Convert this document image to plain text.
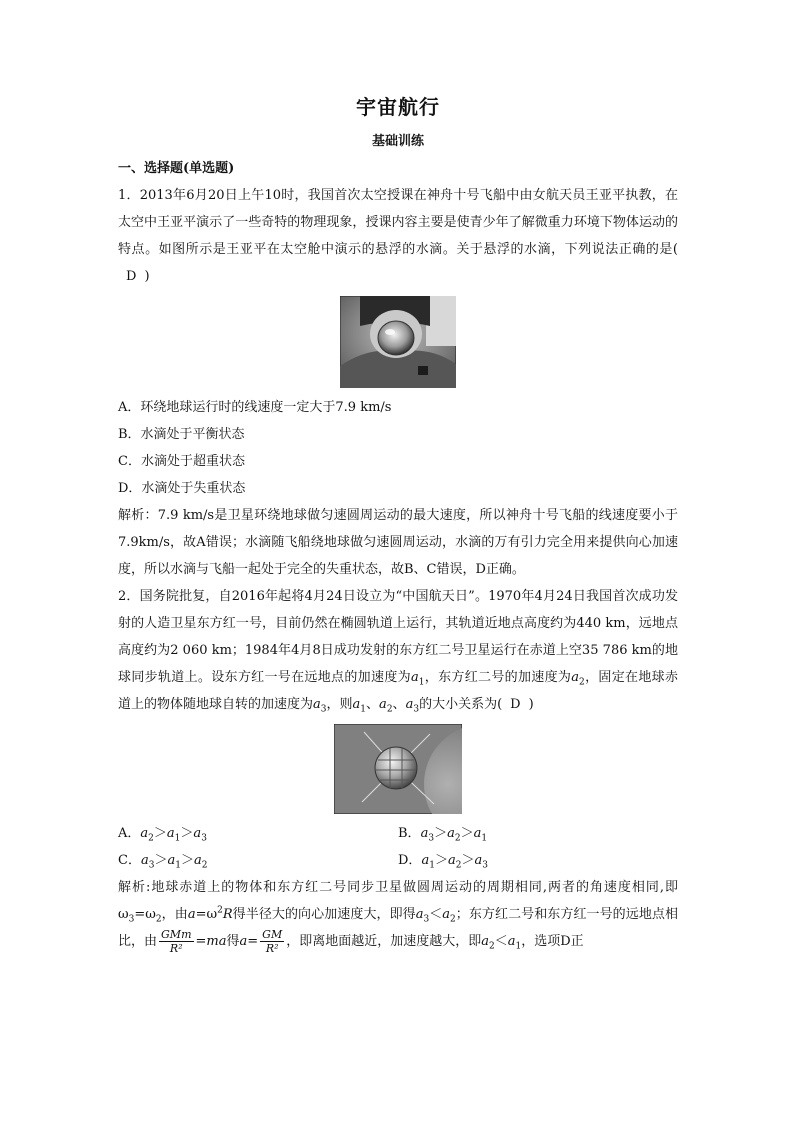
宇宙航行
基础训练
一、选择题(单选题)

1．2013年6月20日上午10时，我国首次太空授课在神舟十号飞船中由女航天员王亚平执教，在太空中王亚平演示了一些奇特的物理现象，授课内容主要是使青少年了解微重力环境下物体运动的特点。如图所示是王亚平在太空舱中演示的悬浮的水滴。关于悬浮的水滴，下列说法正确的是(D )

A．环绕地球运行时的线速度一定大于7.9 km/s

B．水滴处于平衡状态

C．水滴处于超重状态

D．水滴处于失重状态

解析：7.9 km/s是卫星环绕地球做匀速圆周运动的最大速度，所以神舟十号飞船的线速度要小于7.9km/s，故A错误；水滴随飞船绕地球做匀速圆周运动，水滴的万有引力完全用来提供向心加速度，所以水滴与飞船一起处于完全的失重状态，故B、C错误，D正确。

2．国务院批复，自2016年起将4月24日设立为“中国航天日”。1970年4月24日我国首次成功发射的人造卫星东方红一号，目前仍然在椭圆轨道上运行，其轨道近地点高度约为440 km，远地点高度约为2 060 km；1984年4月8日成功发射的东方红二号卫星运行在赤道上空35 786 km的地球同步轨道上。设东方红一号在远地点的加速度为$a_1$，东方红二号的加速度为$a_2$，固定在地球赤道上的物体随地球自转的加速度为$a_3$，则$a_1$、$a_2$、$a_3$的大小关系为( D )

A．$a_2>a_1>a_3$	B．$a_3>a_2>a_1$
C．$a_3>a_1>a_2$	D．$a_1>a_2>a_3$

解析:地球赤道上的物体和东方红二号同步卫星做圆周运动的周期相同,两者的角速度相同,即$\omega_3=\omega_2$，由$a=\omega^2R$得半径大的向心加速度大，即得$a_3<a_2$；东方红二号和东方红一号的远地点相比，由 $\frac{\text{GMm}}{\text{R²}} =ma$得$a= \frac{GM}{\text{R²}}$ ，即离地面越近，加速度越大，即$a_2<a_1$，选项D正
